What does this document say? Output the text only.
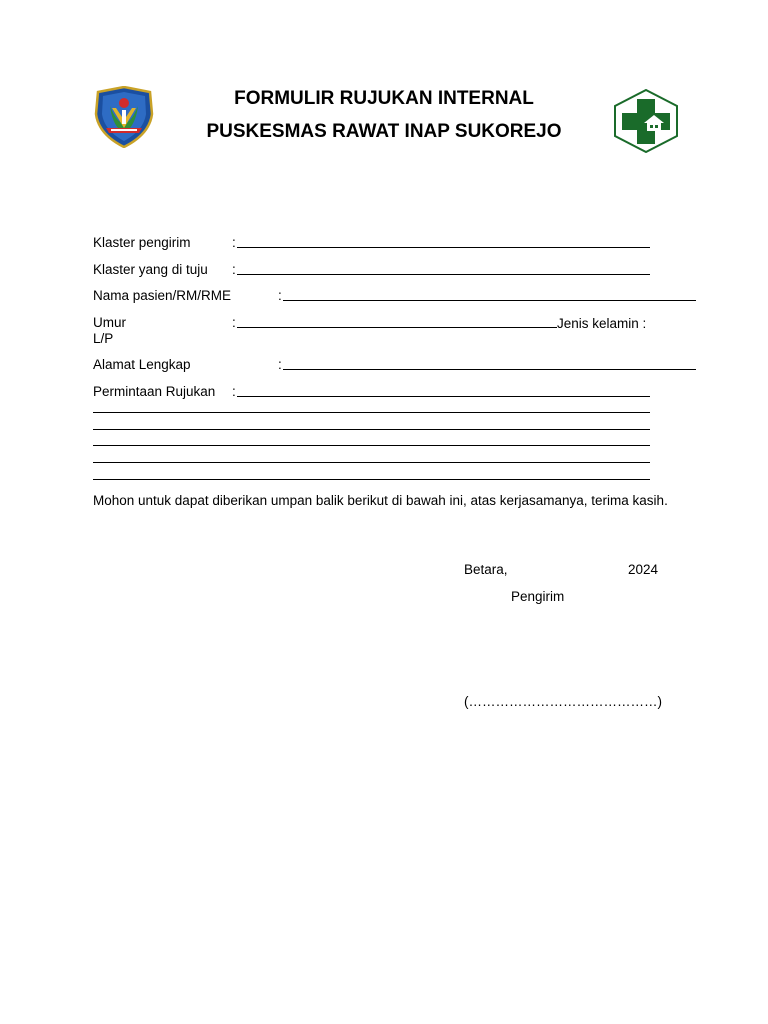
FORMULIR RUJUKAN INTERNAL
PUSKESMAS RAWAT INAP SUKOREJO
Klaster pengirim	:
Klaster yang di tuju :
Nama pasien/RM/RME	:
Umur	:	Jenis kelamin :
L/P
Alamat Lengkap	:
Permintaan Rujukan :
Mohon untuk dapat diberikan umpan balik berikut di bawah ini, atas kerjasamanya, terima kasih.
Betara,	2024
Pengirim
(……………………………………)
